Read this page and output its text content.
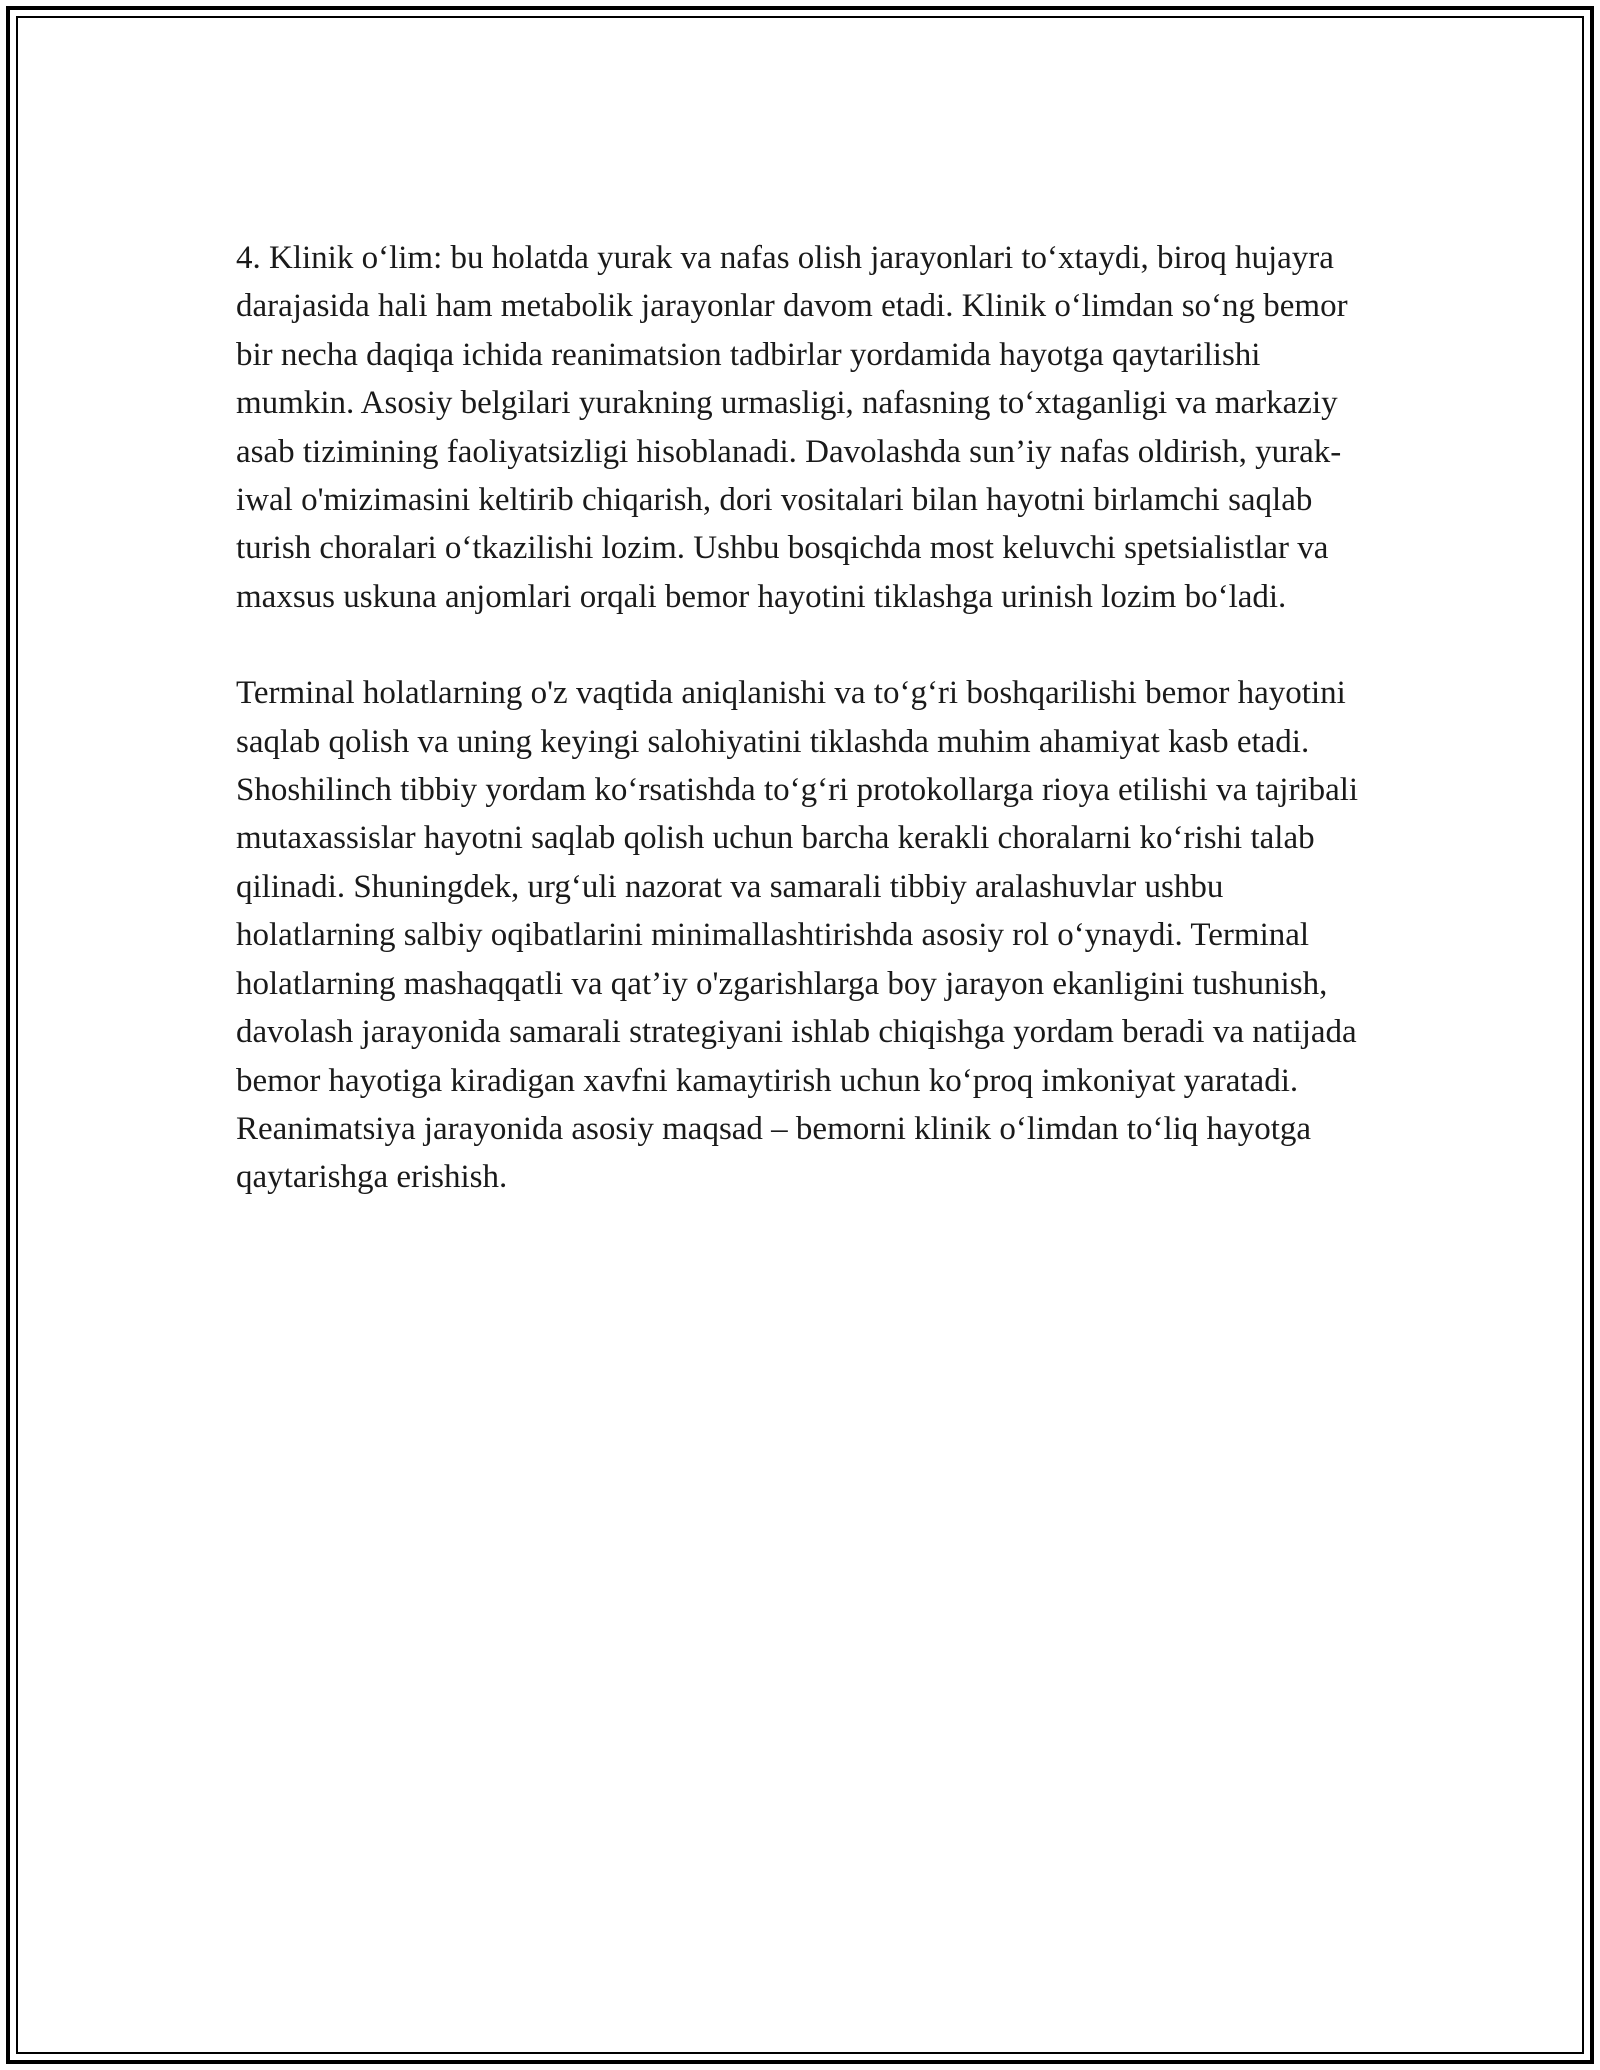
4. Klinik o‘lim: bu holatda yurak va nafas olish jarayonlari to‘xtaydi, biroq hujayra darajasida hali ham metabolik jarayonlar davom etadi. Klinik o‘limdan so‘ng bemor bir necha daqiqa ichida reanimatsion tadbirlar yordamida hayotga qaytarilishi mumkin. Asosiy belgilari yurakning urmasligi, nafasning to‘xtaganligi va markaziy asab tizimining faoliyatsizligi hisoblanadi. Davolashda sun’iy nafas oldirish, yurak-iwal o'mizimasini keltirib chiqarish, dori vositalari bilan hayotni birlamchi saqlab turish choralari o‘tkazilishi lozim. Ushbu bosqichda most keluvchi spetsialistlar va maxsus uskuna anjomlari orqali bemor hayotini tiklashga urinish lozim bo‘ladi.

Terminal holatlarning o'z vaqtida aniqlanishi va to‘g‘ri boshqarilishi bemor hayotini saqlab qolish va uning keyingi salohiyatini tiklashda muhim ahamiyat kasb etadi. Shoshilinch tibbiy yordam ko‘rsatishda to‘g‘ri protokollarga rioya etilishi va tajribali mutaxassislar hayotni saqlab qolish uchun barcha kerakli choralarni ko‘rishi talab qilinadi. Shuningdek, urg‘uli nazorat va samarali tibbiy aralashuvlar ushbu holatlarning salbiy oqibatlarini minimallashtirishda asosiy rol o‘ynaydi. Terminal holatlarning mashaqqatli va qat’iy o'zgarishlarga boy jarayon ekanligini tushunish, davolash jarayonida samarali strategiyani ishlab chiqishga yordam beradi va natijada bemor hayotiga kiradigan xavfni kamaytirish uchun ko‘proq imkoniyat yaratadi. Reanimatsiya jarayonida asosiy maqsad – bemorni klinik o‘limdan to‘liq hayotga qaytarishga erishish.
